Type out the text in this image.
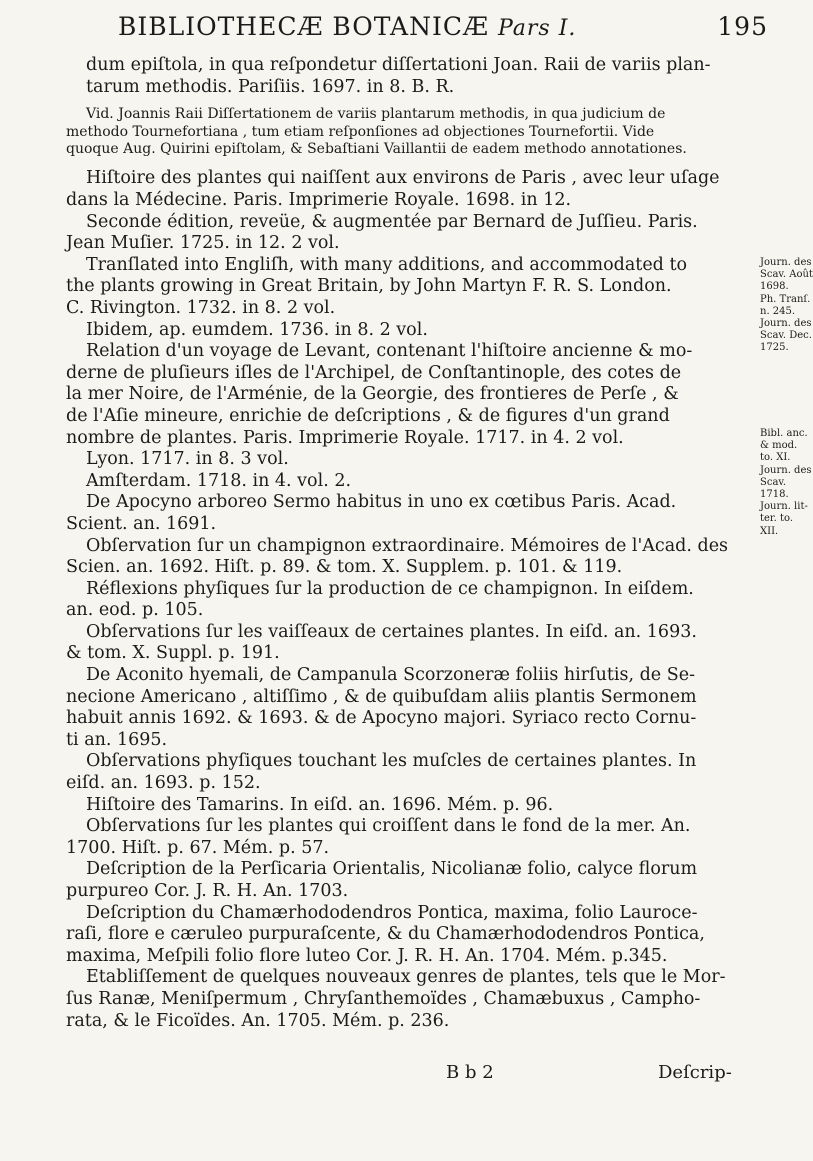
BIBLIOTHECÆ BOTANICÆ Pars I.	195
dum epiſtola, in qua reſpondetur diſſertationi Joan. Raii de variis plan-
tarum methodis. Pariſiis. 1697. in 8. B. R.
Vid. Joannis Raii Diſſertationem de variis plantarum methodis, in qua judicium de
methodo Tournefortiana , tum etiam reſponſiones ad objectiones Tournefortii. Vide
quoque Aug. Quirini epiſtolam, & Sebaſtiani Vaillantii de eadem methodo annotationes.
Hiſtoire des plantes qui naiſſent aux environs de Paris , avec leur uſage
dans la Médecine. Paris. Imprimerie Royale. 1698. in 12.
Seconde édition, reveüe, & augmentée par Bernard de Juſſieu. Paris.
Jean Muſier. 1725. in 12. 2 vol.
Tranſlated into Engliſh, with many additions, and accommodated to
the plants growing in Great Britain, by John Martyn F. R. S. London.
C. Rivington. 1732. in 8. 2 vol.
Ibidem, ap. eumdem. 1736. in 8. 2 vol.
Relation d'un voyage de Levant, contenant l'hiſtoire ancienne & mo-
derne de pluſieurs iſles de l'Archipel, de Conſtantinople, des cotes de
la mer Noire, de l'Arménie, de la Georgie, des frontieres de Perſe , &
de l'Aſie mineure, enrichie de deſcriptions , & de figures d'un grand
nombre de plantes. Paris. Imprimerie Royale. 1717. in 4. 2 vol.
Lyon. 1717. in 8. 3 vol.
Amſterdam. 1718. in 4. vol. 2.
De Apocyno arboreo Sermo habitus in uno ex cœtibus Paris. Acad.
Scient. an. 1691.
Obſervation ſur un champignon extraordinaire. Mémoires de l'Acad. des
Scien. an. 1692. Hiſt. p. 89. & tom. X. Supplem. p. 101. & 119.
Réflexions phyſiques ſur la production de ce champignon. In eiſdem.
an. eod. p. 105.
Obſervations ſur les vaiſſeaux de certaines plantes. In eiſd. an. 1693.
& tom. X. Suppl. p. 191.
De Aconito hyemali, de Campanula Scorzoneræ foliis hirſutis, de Se-
necione Americano , altiſſimo , & de quibuſdam aliis plantis Sermonem
habuit annis 1692. & 1693. & de Apocyno majori. Syriaco recto Cornu-
ti an. 1695.
Obſervations phyſiques touchant les muſcles de certaines plantes. In
eiſd. an. 1693. p. 152.
Hiſtoire des Tamarins. In eiſd. an. 1696. Mém. p. 96.
Obſervations ſur les plantes qui croiſſent dans le fond de la mer. An.
1700. Hiſt. p. 67. Mém. p. 57.
Deſcription de la Perſicaria Orientalis, Nicolianæ folio, calyce florum
purpureo Cor. J. R. H. An. 1703.
Deſcription du Chamærhododendros Pontica, maxima, folio Lauroce-
raſi, flore e cæruleo purpuraſcente, & du Chamærhododendros Pontica,
maxima, Meſpili folio flore luteo Cor. J. R. H. An. 1704. Mém. p.345.
Etabliſſement de quelques nouveaux genres de plantes, tels que le Mor-
ſus Ranæ, Meniſpermum , Chryſanthemoïdes , Chamæbuxus , Campho-
rata, & le Ficoïdes. An. 1705. Mém. p. 236.
Journ. des
Scav. Août
1698.
Ph. Tranſ.
n. 245.
Journ. des
Scav. Dec.
1725.
Bibl. anc.
& mod.
to. XI.
Journ. des
Scav.
1718.
Journ. lit-
ter. to.
XII.
B b 2	Deſcrip-
